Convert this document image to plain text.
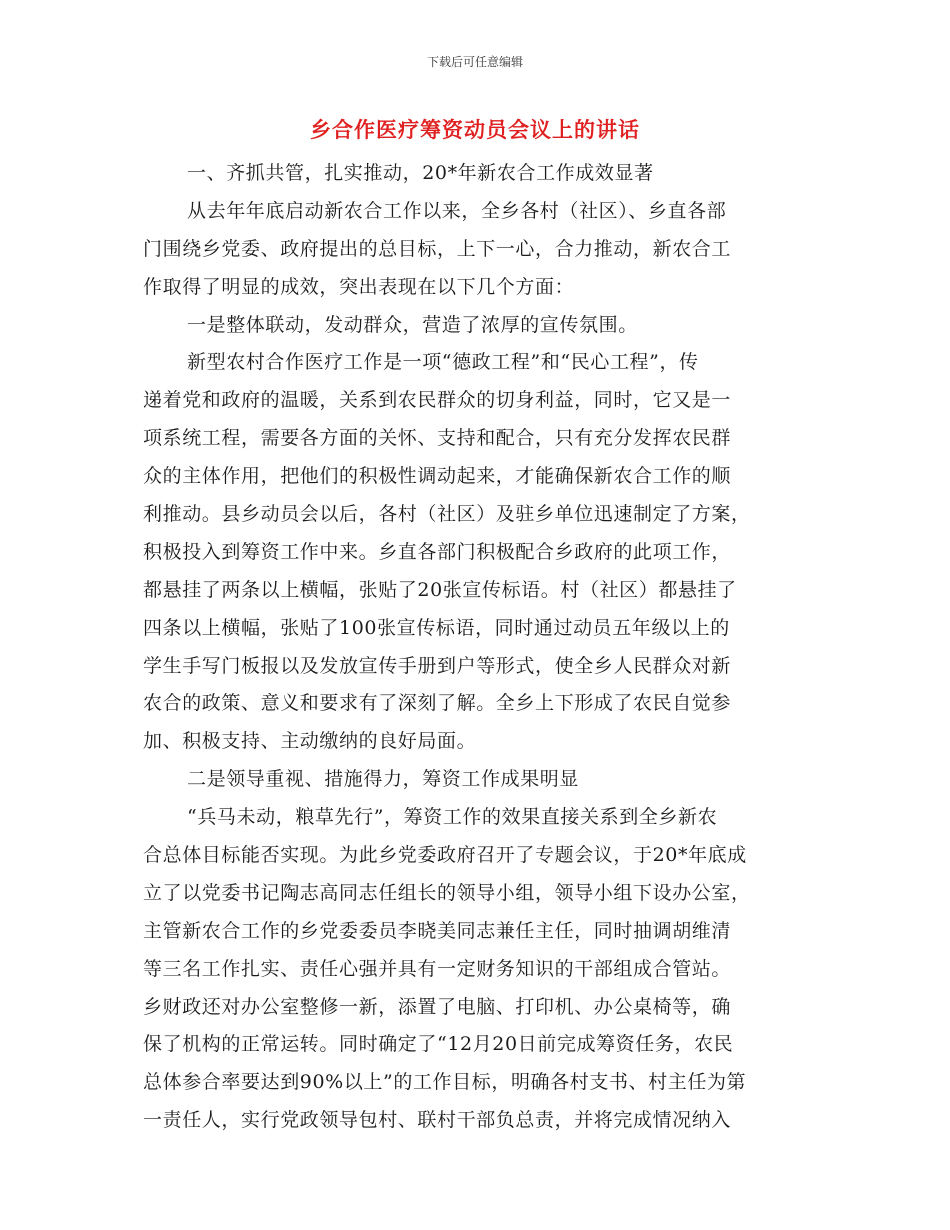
下载后可任意编辑
乡合作医疗筹资动员会议上的讲话
一、齐抓共管，扎实推动，20*年新农合工作成效显著
从去年年底启动新农合工作以来，全乡各村（社区）、乡直各部
门围绕乡党委、政府提出的总目标，上下一心，合力推动，新农合工
作取得了明显的成效，突出表现在以下几个方面：
一是整体联动，发动群众，营造了浓厚的宣传氛围。
新型农村合作医疗工作是一项“德政工程”和“民心工程”，传
递着党和政府的温暖，关系到农民群众的切身利益，同时，它又是一
项系统工程，需要各方面的关怀、支持和配合，只有充分发挥农民群
众的主体作用，把他们的积极性调动起来，才能确保新农合工作的顺
利推动。县乡动员会以后，各村（社区）及驻乡单位迅速制定了方案，
积极投入到筹资工作中来。乡直各部门积极配合乡政府的此项工作，
都悬挂了两条以上横幅，张贴了20张宣传标语。村（社区）都悬挂了
四条以上横幅，张贴了100张宣传标语，同时通过动员五年级以上的
学生手写门板报以及发放宣传手册到户等形式，使全乡人民群众对新
农合的政策、意义和要求有了深刻了解。全乡上下形成了农民自觉参
加、积极支持、主动缴纳的良好局面。
二是领导重视、措施得力，筹资工作成果明显
“兵马未动，粮草先行”，筹资工作的效果直接关系到全乡新农
合总体目标能否实现。为此乡党委政府召开了专题会议，于20*年底成
立了以党委书记陶志高同志任组长的领导小组，领导小组下设办公室，
主管新农合工作的乡党委委员李晓美同志兼任主任，同时抽调胡维清
等三名工作扎实、责任心强并具有一定财务知识的干部组成合管站。
乡财政还对办公室整修一新，添置了电脑、打印机、办公桌椅等，确
保了机构的正常运转。同时确定了“12月20日前完成筹资任务，农民
总体参合率要达到90%以上”的工作目标，明确各村支书、村主任为第
一责任人，实行党政领导包村、联村干部负总责，并将完成情况纳入
